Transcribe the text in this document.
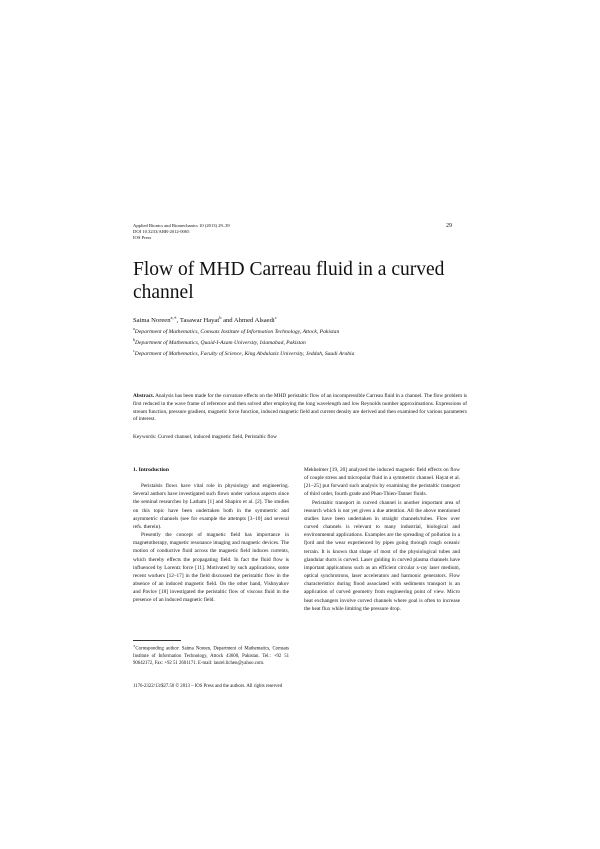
Applied Bionics and Biomechanics 10 (2013) 29–39
DOI 10.3233/ABB-2012-0065
IOS Press
29
Flow of MHD Carreau fluid in a curved channel
Saima Noreen$^{a,∗}$, Tasawar Hayat$^b$ and Ahmed Alsaedi$^c$
$^a$Department of Mathematics, Comsats Institute of Information Technology, Attock, Pakistan
$^b$Department of Mathematics, Quaid-I-Azam University, Islamabad, Pakistan
$^c$Department of Mathematics, Faculty of Science, King Abdulaziz University, Jeddah, Saudi Arabia
Abstract. Analysis has been made for the curvature effects on the MHD peristaltic flow of an incompressible Carreau fluid in a channel. The flow problem is first reduced in the wave frame of reference and then solved after employing the long wavelength and low Reynolds number approximations. Expressions of stream function, pressure gradient, magnetic force function, induced magnetic field and current density are derived and then examined for various parameters of interest.
Keywords: Curved channel, induced magnetic field, Peristaltic flow
1. Introduction

Peristalsis flows have vital role in physiology and engineering. Several authors have investigated such flows under various aspects since the seminal researches by Latham [1] and Shapiro et al. [2]. The studies on this topic have been undertaken both in the symmetric and asymmetric channels (see for example the attempts [3–10] and several refs. therein).

Presently the concept of magnetic field has importance in magnetotherapy, magnetic resonance imaging and magnetic devices. The motion of conductive fluid across the magnetic field induces currents, which thereby effects the propagating field. In fact the fluid flow is influenced by Lorentz force [11]. Motivated by such applications, some recent workers [12–17] in the field discussed the peristaltic flow in the absence of an induced magnetic field. On the other hand, Vishnyakov and Pavlov [18] investigated the peristaltic flow of viscous fluid in the presence of an induced magnetic field.

Mekheimer [19, 20] analyzed the induced magnetic field effects on flow of couple stress and micropolar fluid in a symmetric channel. Hayat et al. [21–25] put forward such analysis by examining the peristaltic transport of third order, fourth grade and Phan-Thien-Tanner fluids.

Peristaltic transport in curved channel is another important area of research which is not yet given a due attention. All the above mentioned studies have been undertaken in straight channels/tubes. Flow over curved channels is relevant to many industrial, biological and environmental applications. Examples are the spreading of pollution in a fjord and the wear experienced by pipes going through rough oceanic terrain. It is known that shape of most of the physiological tubes and glandular ducts is curved. Laser guiding in curved plasma channels have important applications such as an efficient circular x-ray laser medium, optical synchrotrons, laser accelerators and harmonic generators. Flow characteristics during flood associated with sediments transport is an application of curved geometry from engineering point of view. Micro heat exchangers involve curved channels where goal is often to increase the heat flux while limiting the pressure drop.

∗Corresponding author: Saima Noreen, Department of Mathematics, Comsats Institute of Information Technology, Attock 43600, Pakistan. Tel.: +92 51 90642172, Fax: +92 51 2601171. E-mail: laurel.lichen@yahoo.com.
1176-2322/13/$27.50 © 2013 – IOS Press and the authors. All rights reserved
